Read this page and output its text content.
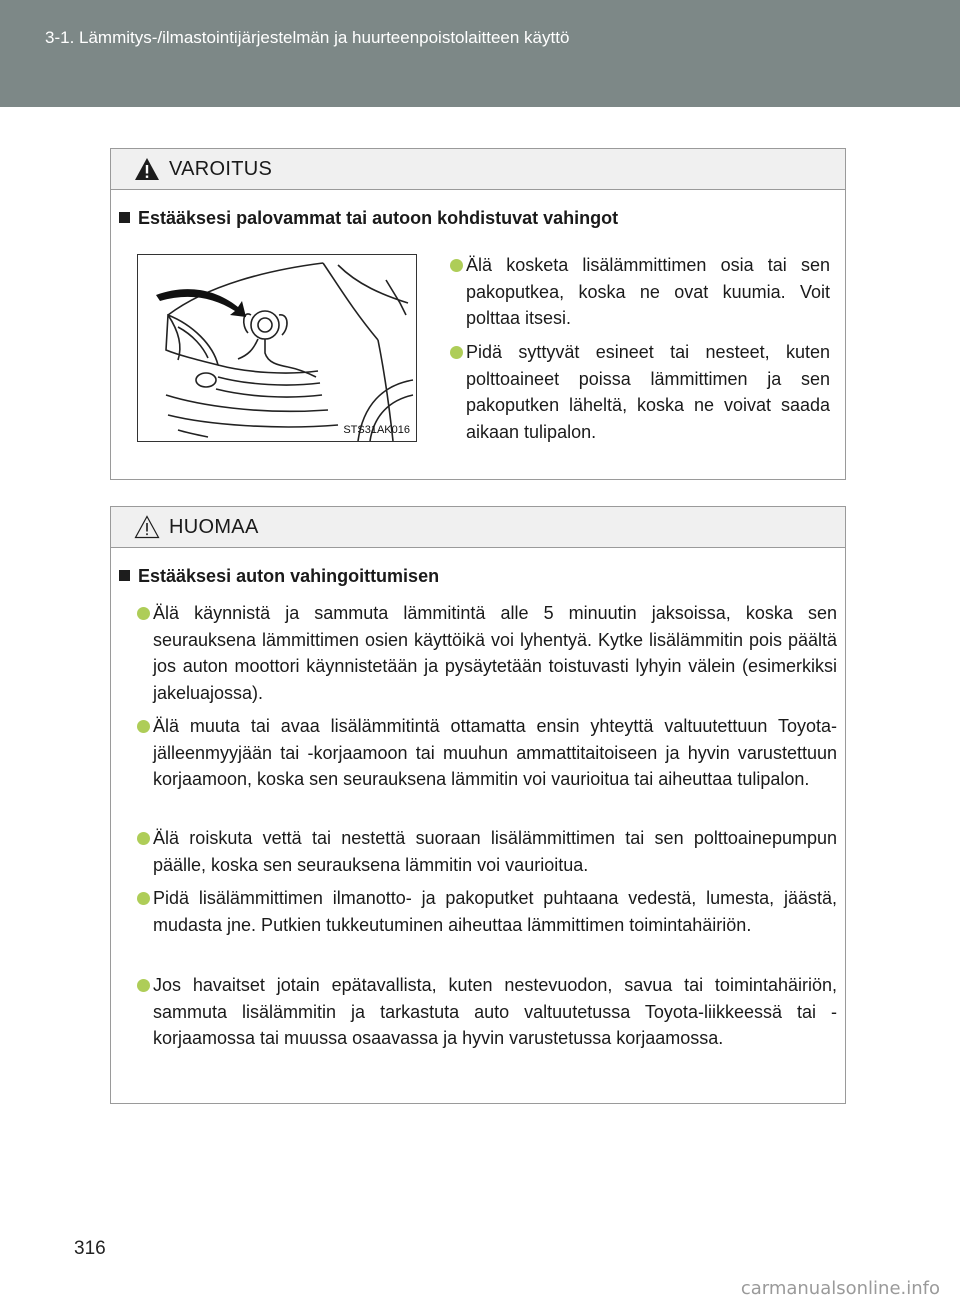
3-1. Lämmitys-/ilmastointijärjestelmän ja huurteenpoistolaitteen käyttö
VAROITUS
Estääksesi palovammat tai autoon kohdistuvat vahingot
STS31AK016
Älä kosketa lisälämmittimen osia tai sen pakoputkea, koska ne ovat kuumia. Voit polttaa itsesi.
Pidä syttyvät esineet tai nesteet, kuten polttoaineet poissa lämmittimen ja sen pakoputken läheltä, koska ne voivat saada aikaan tulipalon.
HUOMAA
Estääksesi auton vahingoittumisen
Älä käynnistä ja sammuta lämmitintä alle 5 minuutin jaksoissa, koska sen seurauksena lämmittimen osien käyttöikä voi lyhentyä. Kytke lisälämmitin pois päältä jos auton moottori käynnistetään ja pysäytetään toistuvasti lyhyin välein (esimerkiksi jakeluajossa).
Älä muuta tai avaa lisälämmitintä ottamatta ensin yhteyttä valtuutettuun Toyota-jälleenmyyjään tai -korjaamoon tai muuhun ammattitaitoiseen ja hyvin varustettuun korjaamoon, koska sen seurauksena lämmitin voi vaurioitua tai aiheuttaa tulipalon.
Älä roiskuta vettä tai nestettä suoraan lisälämmittimen tai sen polttoainepumpun päälle, koska sen seurauksena lämmitin voi vaurioitua.
Pidä lisälämmittimen ilmanotto- ja pakoputket puhtaana vedestä, lumesta, jäästä, mudasta jne. Putkien tukkeutuminen aiheuttaa lämmittimen toimintahäiriön.
Jos havaitset jotain epätavallista, kuten nestevuodon, savua tai toimintahäiriön, sammuta lisälämmitin ja tarkastuta auto valtuutetussa Toyota-liikkeessä tai -korjaamossa tai muussa osaavassa ja hyvin varustetussa korjaamossa.
316
carmanualsonline.info
